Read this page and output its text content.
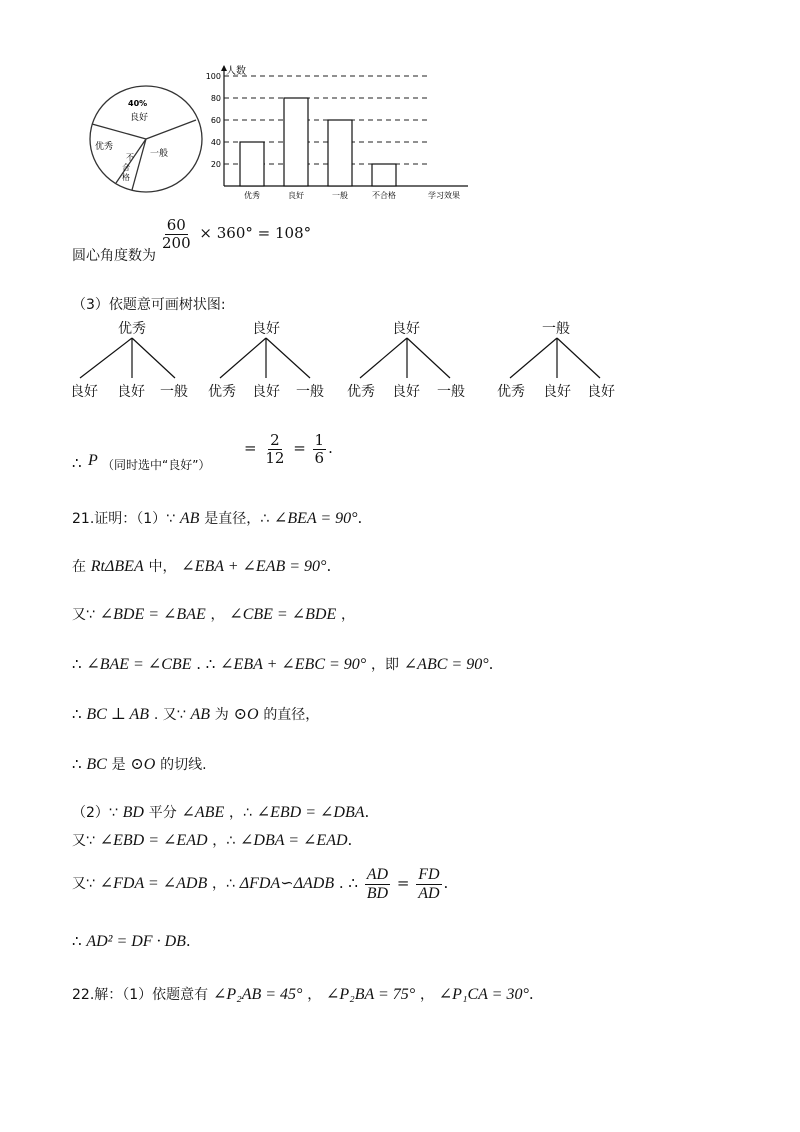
40%
良好
优秀
一般
不
合
格
人数
学习效果
20
40
60
80
100
优秀	良好	一般	不合格
圆心角度数为
$\frac{60}{200} \times 360^\circ = 108^\circ$
（3）依题意可画树状图:
优秀
良好 良好 一般
良好
优秀 良好 一般
良好
优秀 良好 一般
一般
优秀 良好 良好
∴ P （同时选中“良好”）
= $\frac{2}{12} = \frac{1}{6}$ .
21.证明：（1）∵ AB 是直径，∴ ∠BEA = 90°.
在 RtΔBEA 中， ∠EBA + ∠EAB = 90°.
又∵ ∠BDE = ∠BAE ， ∠CBE = ∠BDE ，
∴ ∠BAE = ∠CBE . ∴ ∠EBA + ∠EBC = 90° ，即 ∠ABC = 90°.
∴ BC ⊥ AB . 又∵ AB 为 ⊙O 的直径，
∴ BC 是 ⊙O 的切线.
（2）∵ BD 平分 ∠ABE ，∴ ∠EBD = ∠DBA.
又∵ ∠EBD = ∠EAD ，∴ ∠DBA = ∠EAD.
又∵ ∠FDA = ∠ADB ，∴ ΔFDA∽ΔADB . ∴ $\frac{AD}{BD} = \frac{FD}{AD}$ .
∴ AD² = DF · DB.
22.解：（1）依题意有 ∠P₂AB = 45° ， ∠P₂BA = 75° ， ∠P₁CA = 30°.
